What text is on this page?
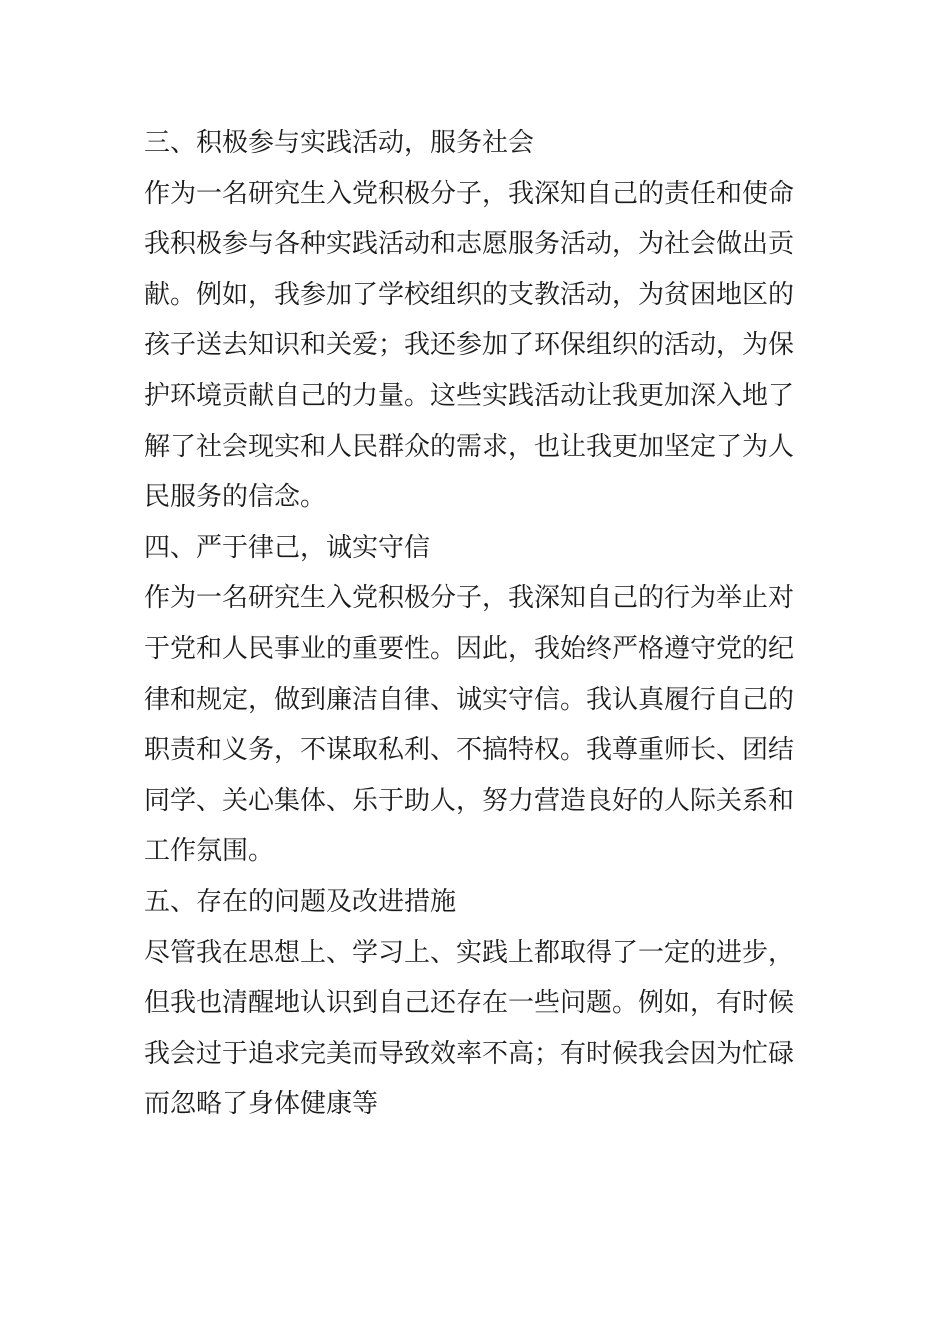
三、积极参与实践活动，服务社会
作为一名研究生入党积极分子，我深知自己的责任和使命
我积极参与各种实践活动和志愿服务活动，为社会做出贡
献。例如，我参加了学校组织的支教活动，为贫困地区的
孩子送去知识和关爱；我还参加了环保组织的活动，为保
护环境贡献自己的力量。这些实践活动让我更加深入地了
解了社会现实和人民群众的需求，也让我更加坚定了为人
民服务的信念。
四、严于律己，诚实守信
作为一名研究生入党积极分子，我深知自己的行为举止对
于党和人民事业的重要性。因此，我始终严格遵守党的纪
律和规定，做到廉洁自律、诚实守信。我认真履行自己的
职责和义务，不谋取私利、不搞特权。我尊重师长、团结
同学、关心集体、乐于助人，努力营造良好的人际关系和
工作氛围。
五、存在的问题及改进措施
尽管我在思想上、学习上、实践上都取得了一定的进步，
但我也清醒地认识到自己还存在一些问题。例如，有时候
我会过于追求完美而导致效率不高；有时候我会因为忙碌
而忽略了身体健康等
